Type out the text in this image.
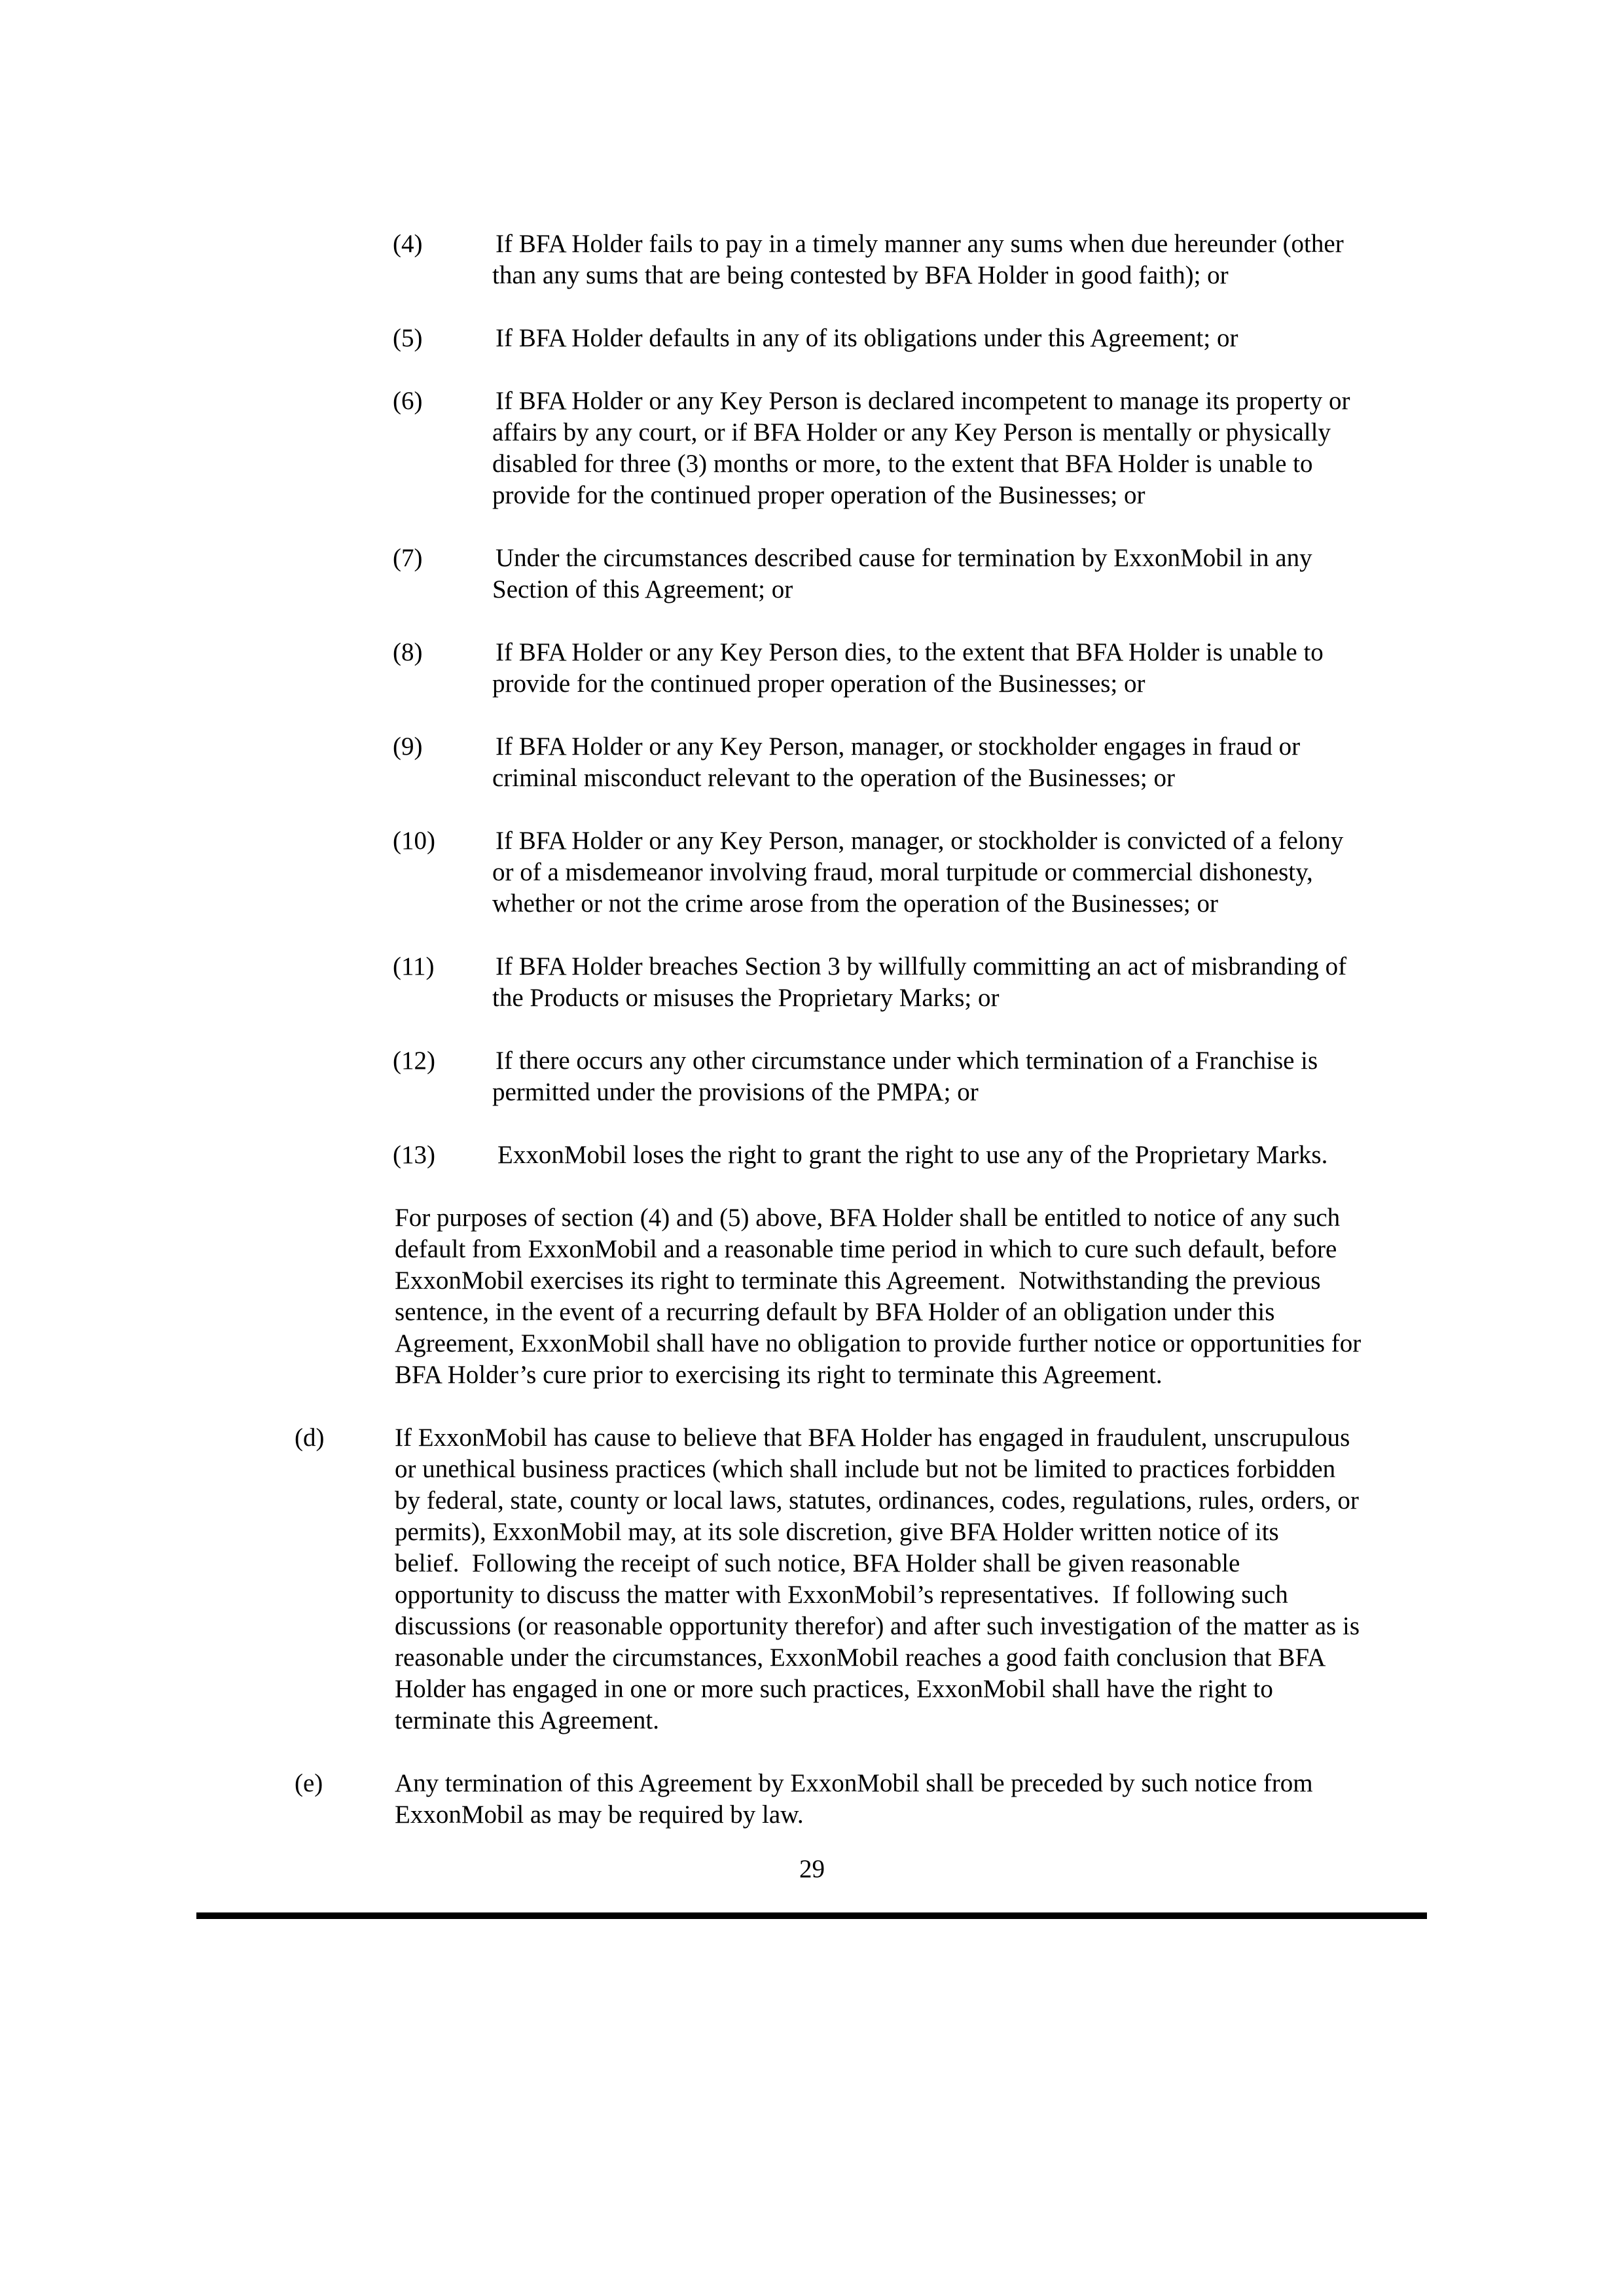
(4)	If BFA Holder fails to pay in a timely manner any sums when due hereunder (other
than any sums that are being contested by BFA Holder in good faith); or
(5)	If BFA Holder defaults in any of its obligations under this Agreement; or
(6)	If BFA Holder or any Key Person is declared incompetent to manage its property or
affairs by any court, or if BFA Holder or any Key Person is mentally or physically
disabled for three (3) months or more, to the extent that BFA Holder is unable to
provide for the continued proper operation of the Businesses; or
(7)	Under the circumstances described cause for termination by ExxonMobil in any
Section of this Agreement; or
(8)	If BFA Holder or any Key Person dies, to the extent that BFA Holder is unable to
provide for the continued proper operation of the Businesses; or
(9)	If BFA Holder or any Key Person, manager, or stockholder engages in fraud or
criminal misconduct relevant to the operation of the Businesses; or
(10) If BFA Holder or any Key Person, manager, or stockholder is convicted of a felony
or of a misdemeanor involving fraud, moral turpitude or commercial dishonesty,
whether or not the crime arose from the operation of the Businesses; or
(11) If BFA Holder breaches Section 3 by willfully committing an act of misbranding of
the Products or misuses the Proprietary Marks; or
(12) If there occurs any other circumstance under which termination of a Franchise is
permitted under the provisions of the PMPA; or
(13) ExxonMobil loses the right to grant the right to use any of the Proprietary Marks.
For purposes of section (4) and (5) above, BFA Holder shall be entitled to notice of any such
default from ExxonMobil and a reasonable time period in which to cure such default, before
ExxonMobil exercises its right to terminate this Agreement.  Notwithstanding the previous
sentence, in the event of a recurring default by BFA Holder of an obligation under this
Agreement, ExxonMobil shall have no obligation to provide further notice or opportunities for
BFA Holder’s cure prior to exercising its right to terminate this Agreement.
(d)	If ExxonMobil has cause to believe that BFA Holder has engaged in fraudulent, unscrupulous
or unethical business practices (which shall include but not be limited to practices forbidden
by federal, state, county or local laws, statutes, ordinances, codes, regulations, rules, orders, or
permits), ExxonMobil may, at its sole discretion, give BFA Holder written notice of its
belief.  Following the receipt of such notice, BFA Holder shall be given reasonable
opportunity to discuss the matter with ExxonMobil’s representatives.  If following such
discussions (or reasonable opportunity therefor) and after such investigation of the matter as is
reasonable under the circumstances, ExxonMobil reaches a good faith conclusion that BFA
Holder has engaged in one or more such practices, ExxonMobil shall have the right to
terminate this Agreement.
(e)	Any termination of this Agreement by ExxonMobil shall be preceded by such notice from
ExxonMobil as may be required by law.
29
